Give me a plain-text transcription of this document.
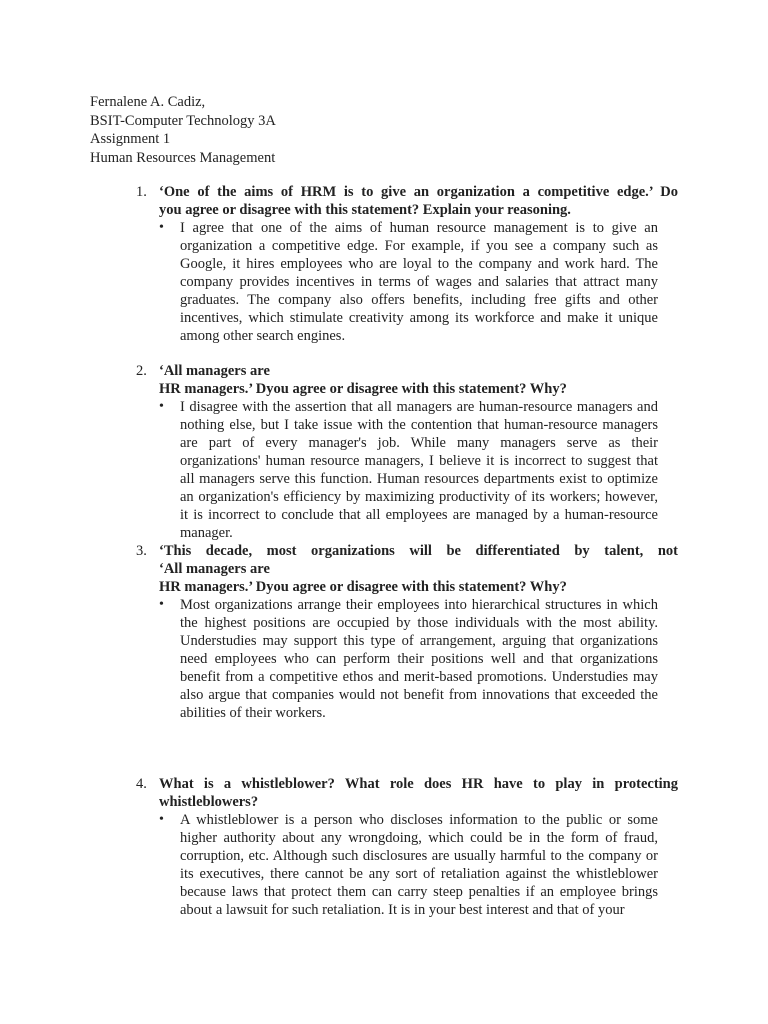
Fernalene A. Cadiz,
BSIT-Computer Technology 3A
Assignment 1
Human Resources Management
1. ‘One of the aims of HRM is to give an organization a competitive edge.’ Do
you agree or disagree with this statement? Explain your reasoning.
•	I agree that one of the aims of human resource management is to give an organization a competitive edge. For example, if you see a company such as Google, it hires employees who are loyal to the company and work hard. The company provides incentives in terms of wages and salaries that attract many graduates. The company also offers benefits, including free gifts and other incentives, which stimulate creativity among its workforce and make it unique among other search engines.
2. ‘All managers are
HR managers.’ Dyou agree or disagree with this statement? Why?
•	I disagree with the assertion that all managers are human-resource managers and nothing else, but I take issue with the contention that human-resource managers are part of every manager's job. While many managers serve as their organizations' human resource managers, I believe it is incorrect to suggest that all managers serve this function. Human resources departments exist to optimize an organization's efficiency by maximizing productivity of its workers; however, it is incorrect to conclude that all employees are managed by a human-resource manager.
3. ‘This decade, most organizations will be differentiated by talent, not
‘All managers are
HR managers.’ Dyou agree or disagree with this statement? Why?
•	Most organizations arrange their employees into hierarchical structures in which the highest positions are occupied by those individuals with the most ability. Understudies may support this type of arrangement, arguing that organizations need employees who can perform their positions well and that organizations benefit from a competitive ethos and merit-based promotions. Understudies may also argue that companies would not benefit from innovations that exceeded the abilities of their workers.
4. What is a whistleblower? What role does HR have to play in protecting
whistleblowers?
•	A whistleblower is a person who discloses information to the public or some higher authority about any wrongdoing, which could be in the form of fraud, corruption, etc. Although such disclosures are usually harmful to the company or its executives, there cannot be any sort of retaliation against the whistleblower because laws that protect them can carry steep penalties if an employee brings about a lawsuit for such retaliation. It is in your best interest and that of your
